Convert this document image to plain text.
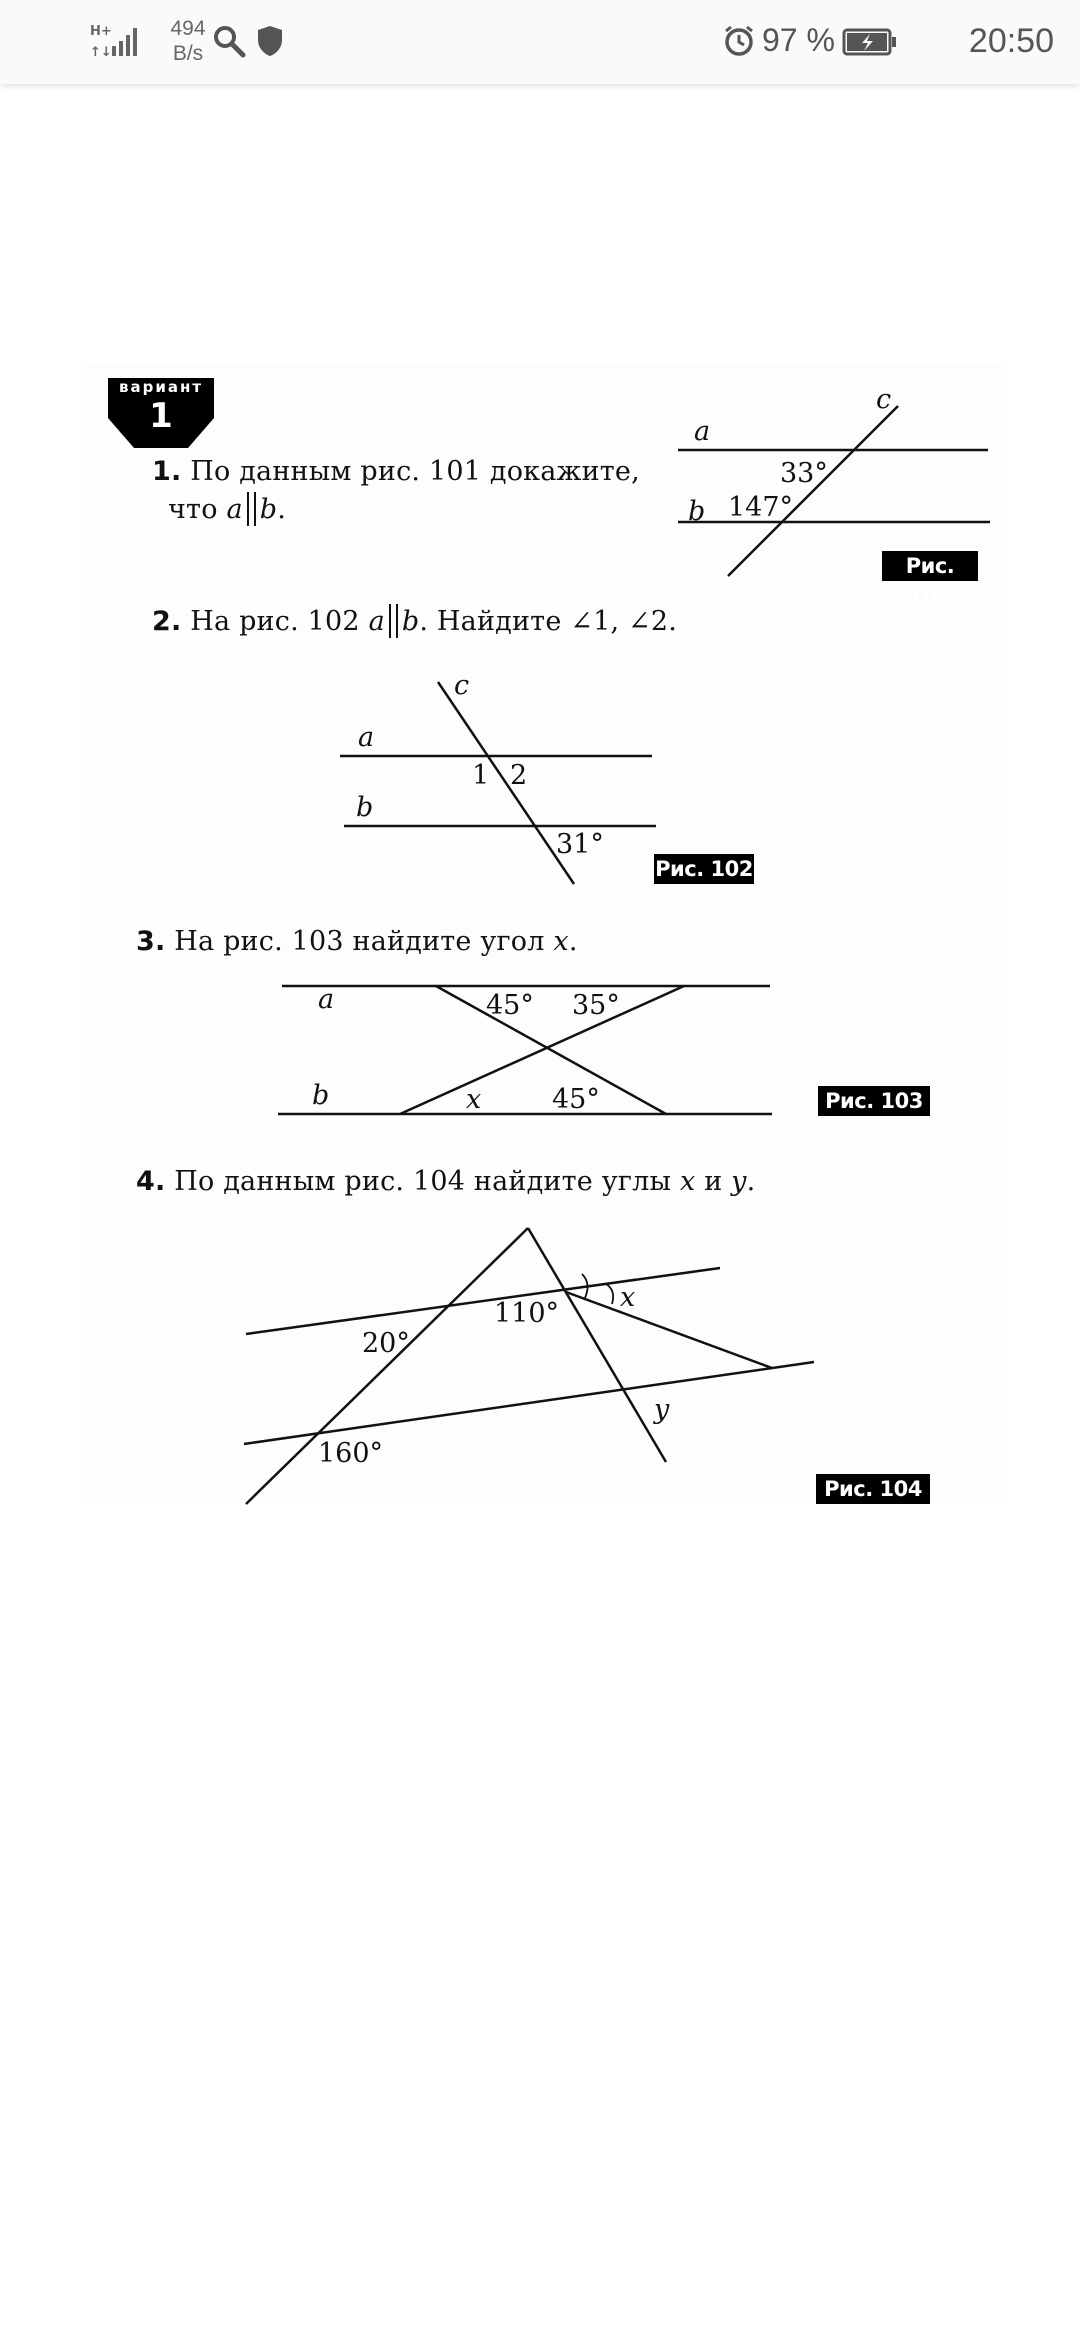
H+
↑↓
494
B/s	97 %	20:50
вариант
1
1. По данным рис. 101 докажите,
что a b.
a
b
c
33°
147°
Рис. 101
2. На рис. 102 a b. Найдите ∠1, ∠2.
a
b
c
1 2
31°
Рис. 102
3. На рис. 103 найдите угол x.
a
b
45° 35°
x	45°	Рис. 103
4. По данным рис. 104 найдите углы x и y.
20°
110°
x
y
160°
Рис. 104
